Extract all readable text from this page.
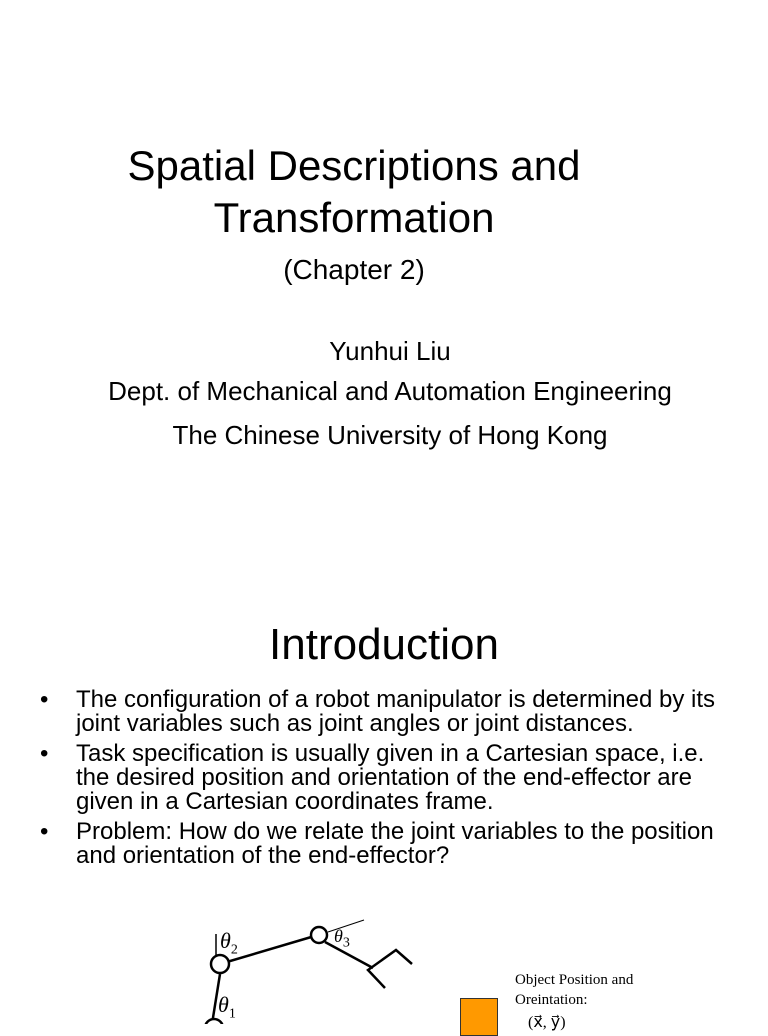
Spatial Descriptions and
Transformation
(Chapter 2)
Yunhui Liu
Dept. of Mechanical and Automation Engineering
The Chinese University of Hong Kong
Introduction
• The configuration of a robot manipulator is determined by its joint variables such as joint angles or joint distances.
• Task specification is usually given in a Cartesian space, i.e. the desired position and orientation of the end-effector are given in a Cartesian coordinates frame.
• Problem: How do we relate the joint variables to the position and orientation of the end-effector?
$\theta_2$
$\theta_3$
$\theta_1$
Object Position and Oreintation:
(x⃗, y⃗)
